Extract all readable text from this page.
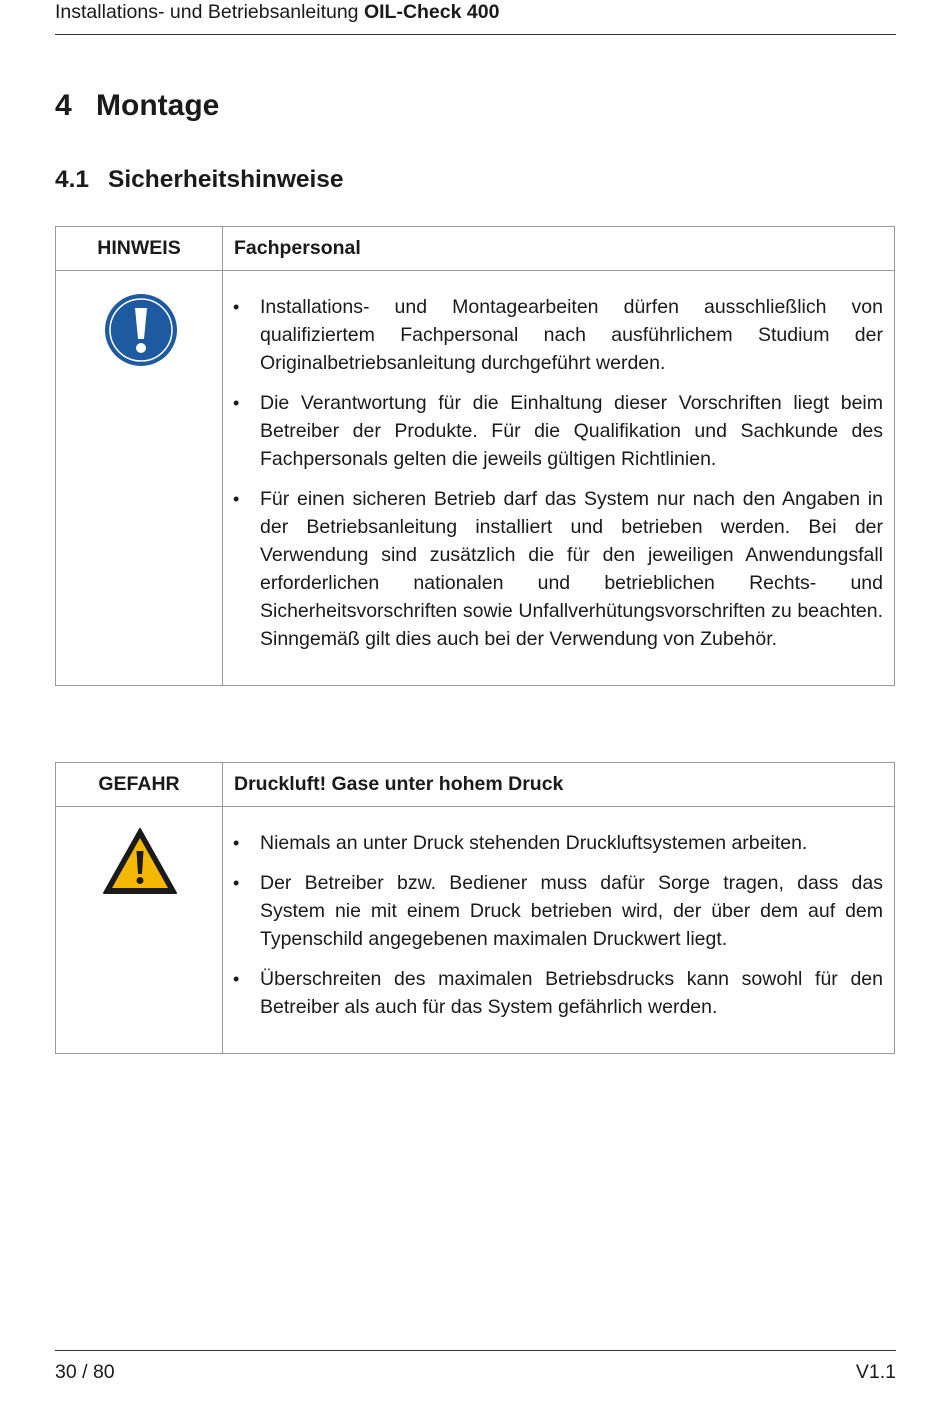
Installations- und Betriebsanleitung OIL-Check 400
4 Montage
4.1 Sicherheitshinweise
HINWEIS	Fachpersonal
• Installations- und Montagearbeiten dürfen ausschließlich von qualifiziertem Fachpersonal nach ausführlichem Studium der Originalbetriebsanleitung durchgeführt werden.
• Die Verantwortung für die Einhaltung dieser Vorschriften liegt beim Betreiber der Produkte. Für die Qualifikation und Sachkunde des Fachpersonals gelten die jeweils gültigen Richtlinien.
• Für einen sicheren Betrieb darf das System nur nach den Angaben in der Betriebsanleitung installiert und betrieben werden. Bei der Verwendung sind zusätzlich die für den jeweiligen Anwendungsfall erforderlichen nationalen und betrieblichen Rechts- und Sicherheitsvorschriften sowie Unfallverhütungsvorschriften zu beachten. Sinngemäß gilt dies auch bei der Verwendung von Zubehör.
GEFAHR	Druckluft! Gase unter hohem Druck
• Niemals an unter Druck stehenden Druckluftsystemen arbeiten.
• Der Betreiber bzw. Bediener muss dafür Sorge tragen, dass das System nie mit einem Druck betrieben wird, der über dem auf dem Typenschild angegebenen maximalen Druckwert liegt.
• Überschreiten des maximalen Betriebsdrucks kann sowohl für den Betreiber als auch für das System gefährlich werden.
30 / 80	V1.1
